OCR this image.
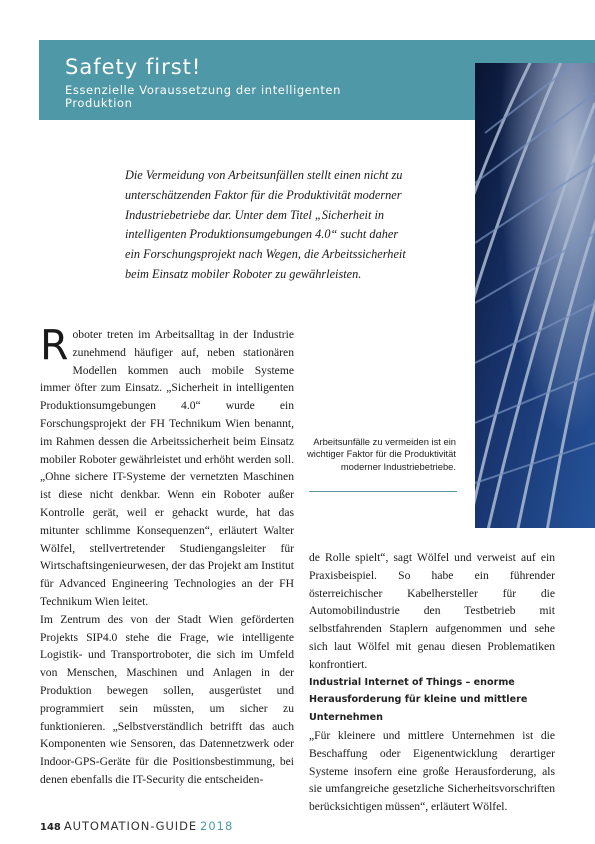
Safety first!
Essenzielle Voraussetzung der intelligenten Produktion
Die Vermeidung von Arbeitsunfällen stellt einen nicht zu unterschätzenden Faktor für die Produktivität moderner Industriebetriebe dar. Unter dem Titel „Sicherheit in intelligenten Produktionsumgebungen 4.0“ sucht daher ein Forschungsprojekt nach Wegen, die Arbeitssicherheit beim Einsatz mobiler Roboter zu gewährleisten.
Arbeitsunfälle zu vermeiden ist ein wichtiger Faktor für die Produktivität moderner Industriebetriebe.
R oboter treten im Arbeitsalltag in der Industrie zunehmend häufiger auf, neben stationären Modellen kommen auch mobile Systeme immer öfter zum Einsatz. „Sicherheit in intelligenten Produktionsumgebungen 4.0“ wurde ein Forschungsprojekt der FH Technikum Wien benannt, im Rahmen dessen die Arbeitssicherheit beim Einsatz mobiler Roboter gewährleistet und erhöht werden soll. „Ohne sichere IT-Systeme der vernetzten Maschinen ist diese nicht denkbar. Wenn ein Roboter außer Kontrolle gerät, weil er gehackt wurde, hat das mitunter schlimme Konsequenzen“, erläutert Walter Wölfel, stellvertretender Studiengangsleiter für Wirtschaftsingenieurwesen, der das Projekt am Institut für Advanced Engineering Technologies an der FH Technikum Wien leitet.

Im Zentrum des von der Stadt Wien geförderten Projekts SIP4.0 stehe die Frage, wie intelligente Logistik- und Transportroboter, die sich im Umfeld von Menschen, Maschinen und Anlagen in der Produktion bewegen sollen, ausgerüstet und programmiert sein müssten, um sicher zu funktionieren. „Selbstverständlich betrifft das auch Komponenten wie Sensoren, das Datennetzwerk oder Indoor-GPS-Geräte für die Positionsbestimmung, bei denen ebenfalls die IT-Security die entscheiden-

de Rolle spielt“, sagt Wölfel und verweist auf ein Praxisbeispiel. So habe ein führender österreichischer Kabelhersteller für die Automobilindustrie den Testbetrieb mit selbstfahrenden Staplern aufgenommen und sehe sich laut Wölfel mit genau diesen Problematiken konfrontiert.

Industrial Internet of Things – enorme Herausforderung für kleine und mittlere Unternehmen

„Für kleinere und mittlere Unternehmen ist die Beschaffung oder Eigenentwicklung derartiger Systeme insofern eine große Herausforderung, als sie umfangreiche gesetzliche Sicherheitsvorschriften berücksichtigen müssen“, erläutert Wölfel.

148 AUTOMATION-GUIDE 2018
